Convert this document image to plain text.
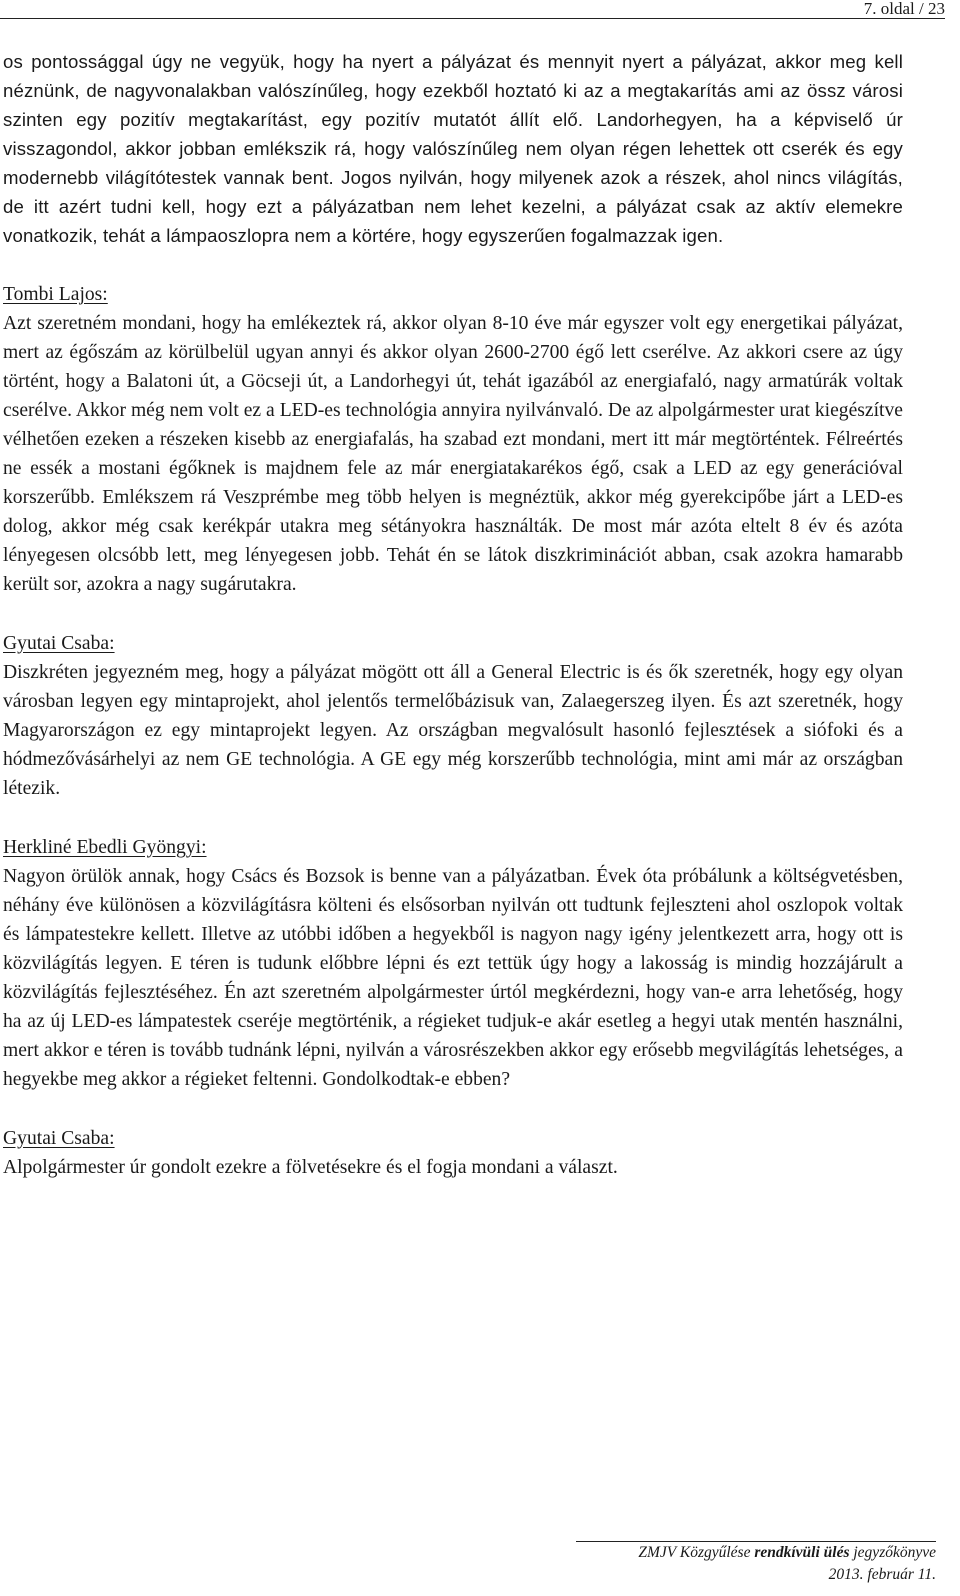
7. oldal / 23

os pontossággal úgy ne vegyük, hogy ha nyert a pályázat és mennyit nyert a pályázat, akkor meg kell néznünk, de nagyvonalakban valószínűleg, hogy ezekből hoztató ki az a megtakarítás ami az össz városi szinten egy pozitív megtakarítást, egy pozitív mutatót állít elő. Landorhegyen, ha a képviselő úr visszagondol, akkor jobban emlékszik rá, hogy valószínűleg nem olyan régen lehettek ott cserék és egy modernebb világítótestek vannak bent. Jogos nyilván, hogy milyenek azok a részek, ahol nincs világítás, de itt azért tudni kell, hogy ezt a pályázatban nem lehet kezelni, a pályázat csak az aktív elemekre vonatkozik, tehát a lámpaoszlopra nem a körtére, hogy egyszerűen fogalmazzak igen.

Tombi Lajos:

Azt szeretném mondani, hogy ha emlékeztek rá, akkor olyan 8-10 éve már egyszer volt egy energetikai pályázat, mert az égőszám az körülbelül ugyan annyi és akkor olyan 2600-2700 égő lett cserélve. Az akkori csere az úgy történt, hogy a Balatoni út, a Göcseji út, a Landorhegyi út, tehát igazából az energiafaló, nagy armatúrák voltak cserélve. Akkor még nem volt ez a LED-es technológia annyira nyilvánvaló. De az alpolgármester urat kiegészítve vélhetően ezeken a részeken kisebb az energiafalás, ha szabad ezt mondani, mert itt már megtörténtek. Félreértés ne essék a mostani égőknek is majdnem fele az már energiatakarékos égő, csak a LED az egy generációval korszerűbb. Emlékszem rá Veszprémbe meg több helyen is megnéztük, akkor még gyerekcipőbe járt a LED-es dolog, akkor még csak kerékpár utakra meg sétányokra használták. De most már azóta eltelt 8 év és azóta lényegesen olcsóbb lett, meg lényegesen jobb. Tehát én se látok diszkriminációt abban, csak azokra hamarabb került sor, azokra a nagy sugárutakra.

Gyutai Csaba:

Diszkréten jegyezném meg, hogy a pályázat mögött ott áll a General Electric is és ők szeretnék, hogy egy olyan városban legyen egy mintaprojekt, ahol jelentős termelőbázisuk van, Zalaegerszeg ilyen. És azt szeretnék, hogy Magyarországon ez egy mintaprojekt legyen. Az országban megvalósult hasonló fejlesztések a siófoki és a hódmezővásárhelyi az nem GE technológia. A GE egy még korszerűbb technológia, mint ami már az országban létezik.

Herkliné Ebedli Gyöngyi:

Nagyon örülök annak, hogy Csács és Bozsok is benne van a pályázatban. Évek óta próbálunk a költségvetésben, néhány éve különösen a közvilágításra költeni és elsősorban nyilván ott tudtunk fejleszteni ahol oszlopok voltak és lámpatestekre kellett. Illetve az utóbbi időben a hegyekből is nagyon nagy igény jelentkezett arra, hogy ott is közvilágítás legyen. E téren is tudunk előbbre lépni és ezt tettük úgy hogy a lakosság is mindig hozzájárult a közvilágítás fejlesztéséhez. Én azt szeretném alpolgármester úrtól megkérdezni, hogy van-e arra lehetőség, hogy ha az új LED-es lámpatestek cseréje megtörténik, a régieket tudjuk-e akár esetleg a hegyi utak mentén használni, mert akkor e téren is tovább tudnánk lépni, nyilván a városrészekben akkor egy erősebb megvilágítás lehetséges, a hegyekbe meg akkor a régieket feltenni. Gondolkodtak-e ebben?

Gyutai Csaba:

Alpolgármester úr gondolt ezekre a fölvetésekre és el fogja mondani a választ.

ZMJV Közgyűlése rendkívüli ülés jegyzőkönyve
2013. február 11.
